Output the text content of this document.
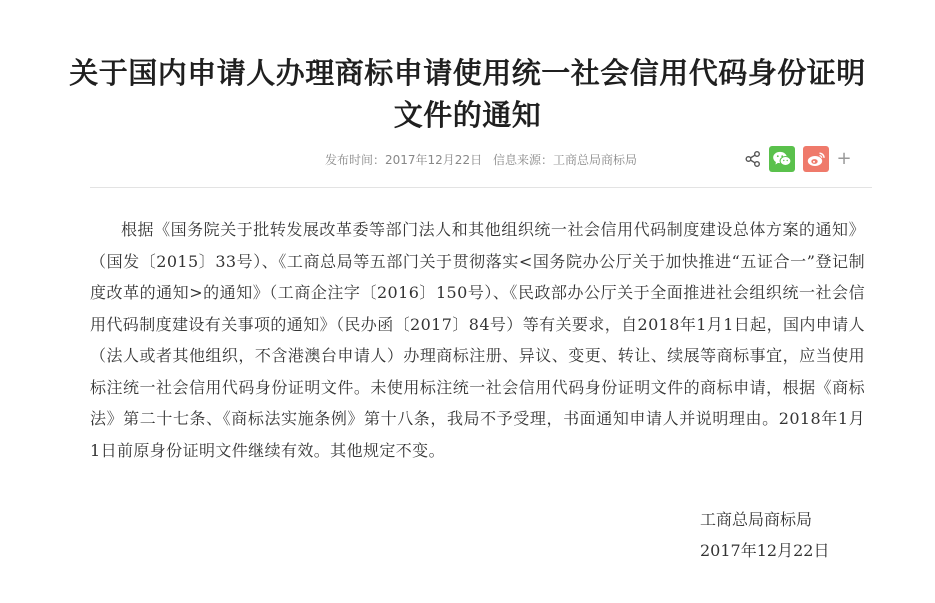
关于国内申请人办理商标申请使用统一社会信用代码身份证明文件的通知
发布时间：2017年12月22日 信息来源：工商总局商标局	+

根据《国务院关于批转发展改革委等部门法人和其他组织统一社会信用代码制度建设总体方案的通知》（国发〔2015〕33号）、《工商总局等五部门关于贯彻落实<国务院办公厅关于加快推进“五证合一”登记制度改革的通知>的通知》（工商企注字〔2016〕150号）、《民政部办公厅关于全面推进社会组织统一社会信用代码制度建设有关事项的通知》（民办函〔2017〕84号）等有关要求，自2018年1月1日起，国内申请人（法人或者其他组织，不含港澳台申请人）办理商标注册、异议、变更、转让、续展等商标事宜，应当使用标注统一社会信用代码身份证明文件。未使用标注统一社会信用代码身份证明文件的商标申请，根据《商标法》第二十七条、《商标法实施条例》第十八条，我局不予受理，书面通知申请人并说明理由。2018年1月1日前原身份证明文件继续有效。其他规定不变。

工商总局商标局
2017年12月22日
